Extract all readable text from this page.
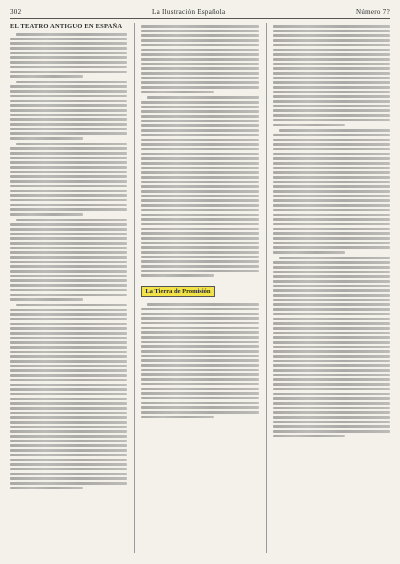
302	La Ilustración Española	Número 7?
EL TEATRO ANTIGUO EN ESPAÑA
La Tierra de Promisión
